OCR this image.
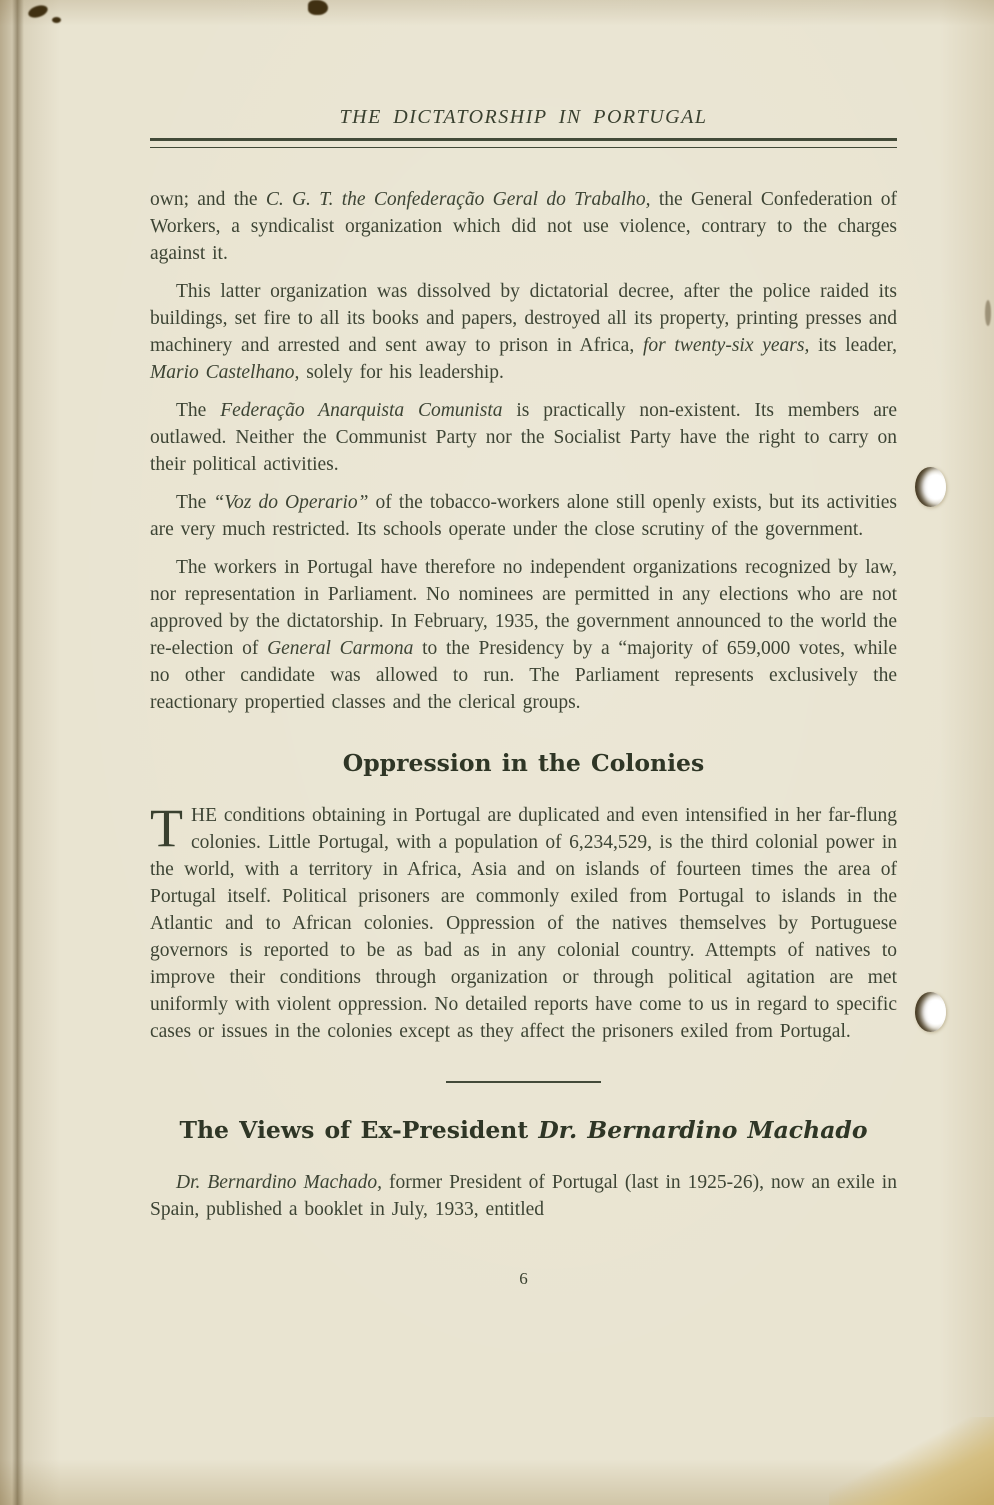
THE DICTATORSHIP IN PORTUGAL

own; and the C. G. T. the Confederação Geral do Trabalho, the General Confederation of Workers, a syndicalist organization which did not use violence, contrary to the charges against it.

This latter organization was dissolved by dictatorial decree, after the police raided its buildings, set fire to all its books and papers, destroyed all its property, printing presses and machinery and arrested and sent away to prison in Africa, for twenty-six years, its leader, Mario Castelhano, solely for his leadership.

The Federação Anarquista Comunista is practically non-existent. Its members are outlawed. Neither the Communist Party nor the Socialist Party have the right to carry on their political activities.

The “Voz do Operario” of the tobacco-workers alone still openly exists, but its activities are very much restricted. Its schools operate under the close scrutiny of the government.

The workers in Portugal have therefore no independent organizations recognized by law, nor representation in Parliament. No nominees are permitted in any elections who are not approved by the dictatorship. In February, 1935, the government announced to the world the re-election of General Carmona to the Presidency by a “majority of 659,000 votes, while no other candidate was allowed to run. The Parliament represents exclusively the reactionary propertied classes and the clerical groups.

Oppression in the Colonies

THE conditions obtaining in Portugal are duplicated and even intensified in her far-flung colonies. Little Portugal, with a population of 6,234,529, is the third colonial power in the world, with a territory in Africa, Asia and on islands of fourteen times the area of Portugal itself. Political prisoners are commonly exiled from Portugal to islands in the Atlantic and to African colonies. Oppression of the natives themselves by Portuguese governors is reported to be as bad as in any colonial country. Attempts of natives to improve their conditions through organization or through political agitation are met uniformly with violent oppression. No detailed reports have come to us in regard to specific cases or issues in the colonies except as they affect the prisoners exiled from Portugal.

The Views of Ex-President Dr. Bernardino Machado

Dr. Bernardino Machado, former President of Portugal (last in 1925-26), now an exile in Spain, published a booklet in July, 1933, entitled

6
